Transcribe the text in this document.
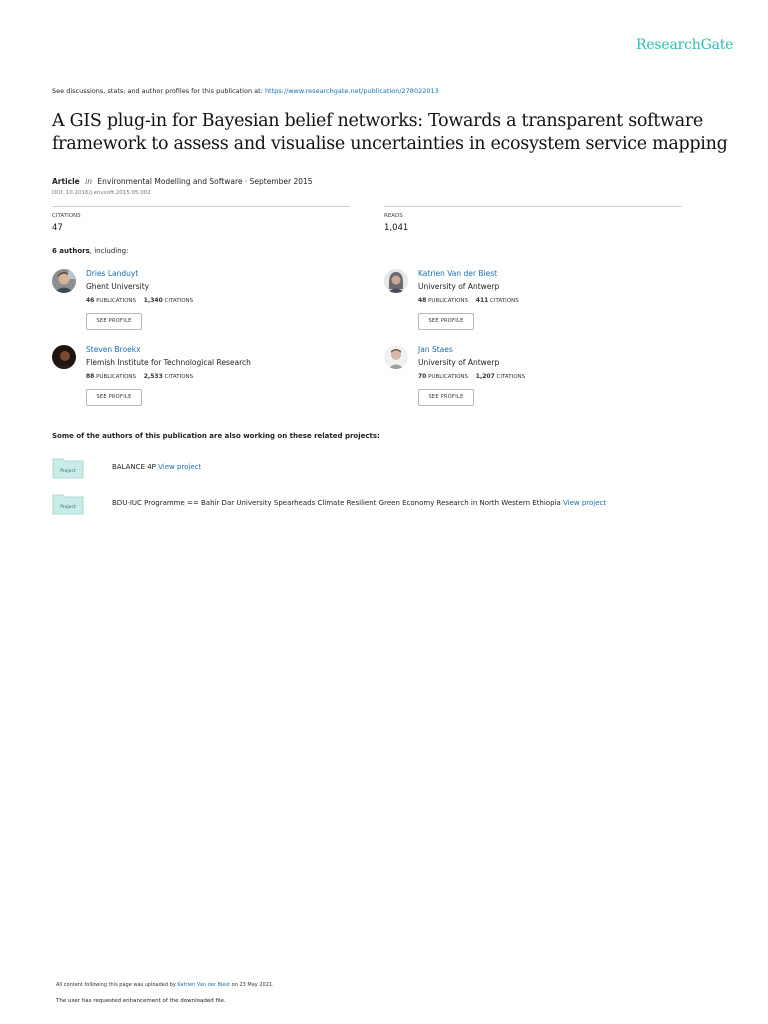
ResearchGate
See discussions, stats, and author profiles for this publication at: https://www.researchgate.net/publication/278022013
A GIS plug-in for Bayesian belief networks: Towards a transparent software framework to assess and visualise uncertainties in ecosystem service mapping
Article in Environmental Modelling and Software · September 2015
DOI: 10.1016/j.envsoft.2015.05.002
CITATIONS
47
READS
1,041
6 authors, including:
Dries Landuyt
Ghent University
46 PUBLICATIONS 1,340 CITATIONS
SEE PROFILE
Katrien Van der Biest
University of Antwerp
48 PUBLICATIONS 411 CITATIONS
SEE PROFILE
Steven Broekx
Flemish Institute for Technological Research
88 PUBLICATIONS 2,533 CITATIONS
SEE PROFILE
Jan Staes
University of Antwerp
70 PUBLICATIONS 1,207 CITATIONS
SEE PROFILE
Some of the authors of this publication are also working on these related projects:
Project
BALANCE 4P View project
Project
BDU-IUC Programme == Bahir Dar University Spearheads Climate Resilient Green Economy Research in North Western Ethiopia View project
All content following this page was uploaded by Katrien Van der Biest on 23 May 2021.
The user has requested enhancement of the downloaded file.
